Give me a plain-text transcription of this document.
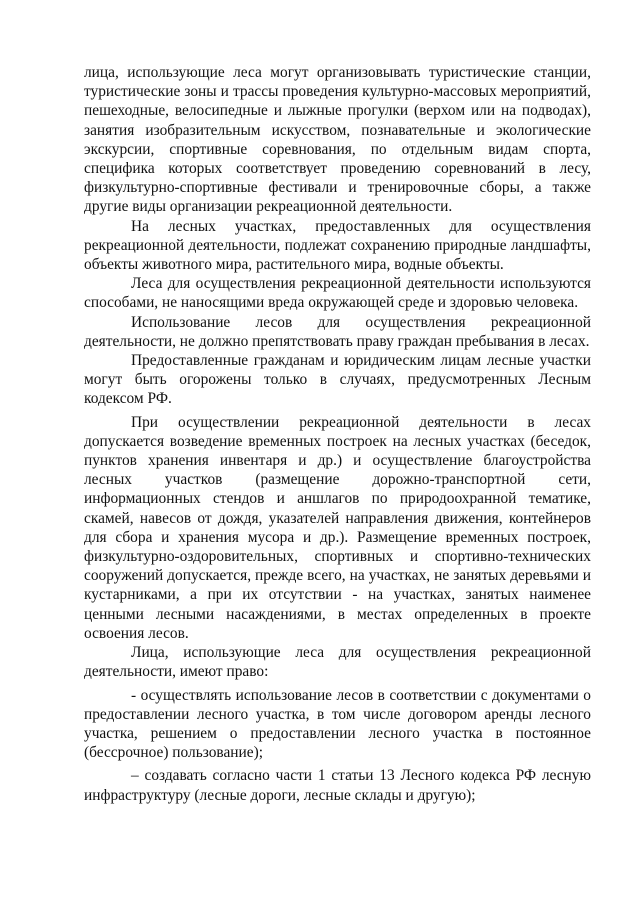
лица, использующие леса могут организовывать туристические станции, туристические зоны и трассы проведения культурно-массовых мероприятий, пешеходные, велосипедные и лыжные прогулки (верхом или на подводах), занятия изобразительным искусством, познавательные и экологические экскурсии, спортивные соревнования, по отдельным видам спорта, специфика которых соответствует проведению соревнований в лесу, физкультурно-спортивные фестивали и тренировочные сборы, а также другие виды организации рекреационной деятельности.

На лесных участках, предоставленных для осуществления рекреационной деятельности, подлежат сохранению природные ландшафты, объекты животного мира, растительного мира, водные объекты.

Леса для осуществления рекреационной деятельности используются способами, не наносящими вреда окружающей среде и здоровью человека.

Использование лесов для осуществления рекреационной деятельности, не должно препятствовать праву граждан пребывания в лесах.

Предоставленные гражданам и юридическим лицам лесные участки могут быть огорожены только в случаях, предусмотренных Лесным кодексом РФ.

При осуществлении рекреационной деятельности в лесах допускается возведение временных построек на лесных участках (беседок, пунктов хранения инвентаря и др.) и осуществление благоустройства лесных участков (размещение дорожно-транспортной сети, информационных стендов и аншлагов по природоохранной тематике, скамей, навесов от дождя, указателей направления движения, контейнеров для сбора и хранения мусора и др.). Размещение временных построек, физкультурно-оздоровительных, спортивных и спортивно-технических сооружений допускается, прежде всего, на участках, не занятых деревьями и кустарниками, а при их отсутствии - на участках, занятых наименее ценными лесными насаждениями, в местах определенных в проекте освоения лесов.

Лица, использующие леса для осуществления рекреационной деятельности, имеют право:

- осуществлять использование лесов в соответствии с документами о предоставлении лесного участка, в том числе договором аренды лесного участка, решением о предоставлении лесного участка в постоянное (бессрочное) пользование);

– создавать согласно части 1 статьи 13 Лесного кодекса РФ лесную инфраструктуру (лесные дороги, лесные склады и другую);
